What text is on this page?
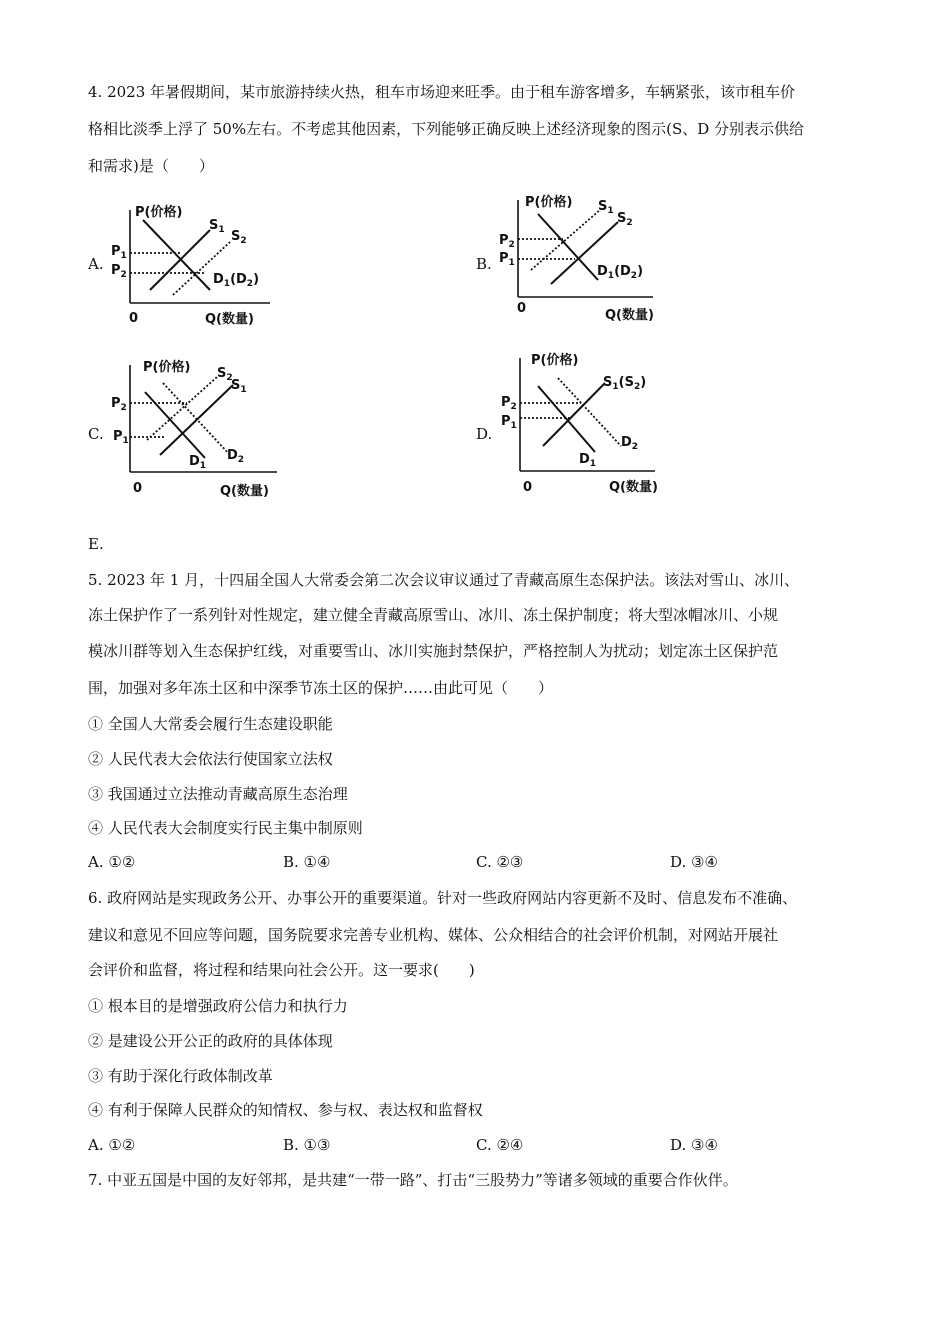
4. 2023 年暑假期间，某市旅游持续火热，租车市场迎来旺季。由于租车游客增多，车辆紧张，该市租车价
格相比淡季上浮了 50%左右。不考虑其他因素，下列能够正确反映上述经济现象的图示(S、D 分别表示供给
和需求)是（　　）
A.
P(价格)
Q(数量)
0
$P_1$
$P_2$
$S_1$ $S_2$
$D_1(D_2)$
B.
P(价格)
Q(数量)
0
$P_2$
$P_1$
$S_1$ $S_2$
$D_1(D_2)$
C.
P(价格)
Q(数量)
0
$P_2$
$P_1$
$S_2$
$S_1$
$D_1$
$D_2$
D.
P(价格)
Q(数量)
0
$P_2$
$P_1$
$S_1(S_2)$
$D_1$
$D_2$
E.
5. 2023 年 1 月，十四届全国人大常委会第二次会议审议通过了青藏高原生态保护法。该法对雪山、冰川、
冻土保护作了一系列针对性规定，建立健全青藏高原雪山、冰川、冻土保护制度；将大型冰帽冰川、小规
模冰川群等划入生态保护红线，对重要雪山、冰川实施封禁保护，严格控制人为扰动；划定冻土区保护范
围，加强对多年冻土区和中深季节冻土区的保护……由此可见（　　）
① 全国人大常委会履行生态建设职能
② 人民代表大会依法行使国家立法权
③ 我国通过立法推动青藏高原生态治理
④ 人民代表大会制度实行民主集中制原则
A. ①②	B. ①④	C. ②③	D. ③④
6. 政府网站是实现政务公开、办事公开的重要渠道。针对一些政府网站内容更新不及时、信息发布不准确、
建议和意见不回应等问题，国务院要求完善专业机构、媒体、公众相结合的社会评价机制，对网站开展社
会评价和监督，将过程和结果向社会公开。这一要求(　　)
① 根本目的是增强政府公信力和执行力
② 是建设公开公正的政府的具体体现
③ 有助于深化行政体制改革
④ 有利于保障人民群众的知情权、参与权、表达权和监督权
A. ①②	B. ①③	C. ②④	D. ③④
7. 中亚五国是中国的友好邻邦，是共建“一带一路”、打击“三股势力”等诸多领域的重要合作伙伴。
